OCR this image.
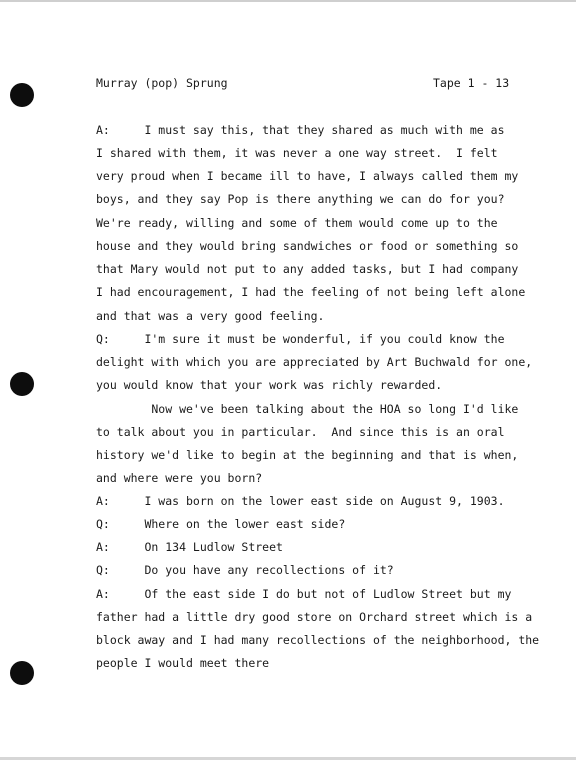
Murray (pop) Sprung	Tape 1 - 13
A:     I must say this, that they shared as much with me as
I shared with them, it was never a one way street.  I felt
very proud when I became ill to have, I always called them my
boys, and they say Pop is there anything we can do for you?
We're ready, willing and some of them would come up to the
house and they would bring sandwiches or food or something so
that Mary would not put to any added tasks, but I had company
I had encouragement, I had the feeling of not being left alone
and that was a very good feeling.
Q:     I'm sure it must be wonderful, if you could know the
delight with which you are appreciated by Art Buchwald for one,
you would know that your work was richly rewarded.
Now we've been talking about the HOA so long I'd like
to talk about you in particular.  And since this is an oral
history we'd like to begin at the beginning and that is when,
and where were you born?
A:     I was born on the lower east side on August 9, 1903.
Q:     Where on the lower east side?
A:     On 134 Ludlow Street
Q:     Do you have any recollections of it?
A:     Of the east side I do but not of Ludlow Street but my
father had a little dry good store on Orchard street which is a
block away and I had many recollections of the neighborhood, the
people I would meet there
